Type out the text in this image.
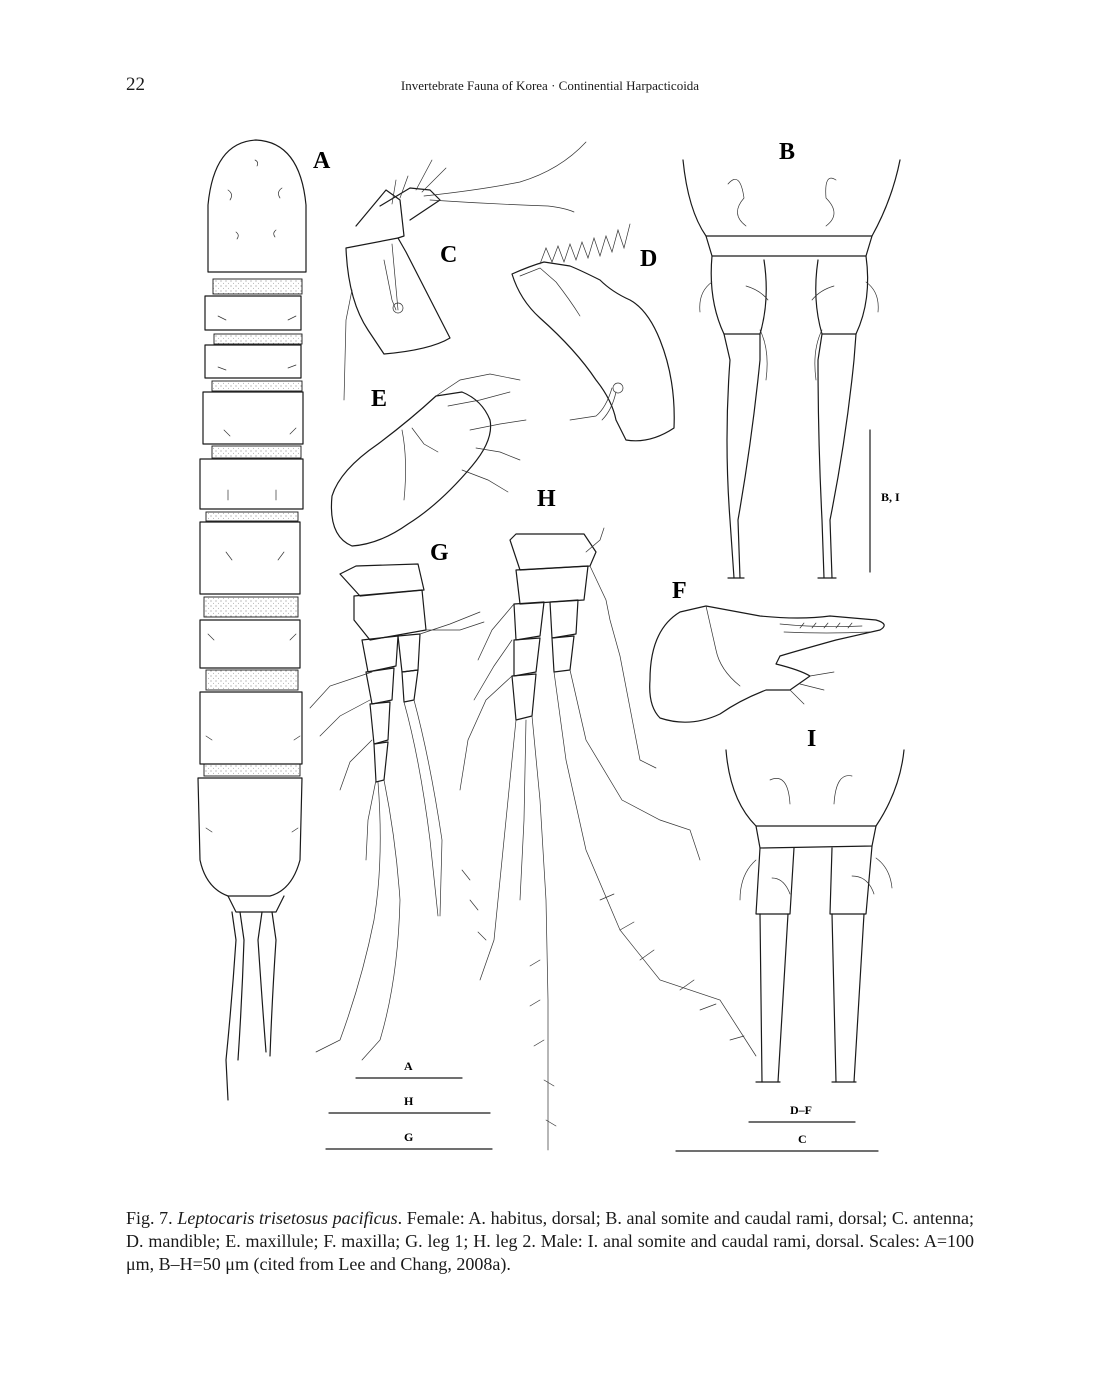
22	Invertebrate Fauna of Korea · Continential Harpacticoida
A	B
C	D
E
H
G
F
I
B, I
A
H
G
D–F
C
Fig. 7. Leptocaris trisetosus pacificus. Female: A. habitus, dorsal; B. anal somite and caudal rami, dorsal; C. antenna; D. mandible; E. maxillule; F. maxilla; G. leg 1; H. leg 2. Male: I. anal somite and caudal rami, dorsal. Scales: A=100 μm, B–H=50 μm (cited from Lee and Chang, 2008a).
